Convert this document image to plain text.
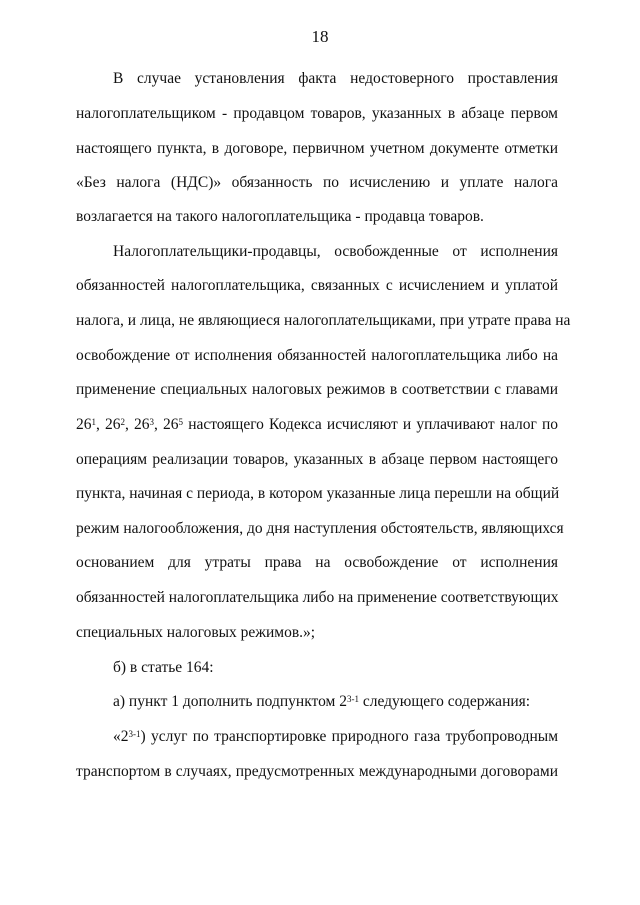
18
В случае установления факта недостоверного проставления
налогоплательщиком - продавцом товаров, указанных в абзаце первом
настоящего пункта, в договоре, первичном учетном документе отметки
«Без налога (НДС)» обязанность по исчислению и уплате налога
возлагается на такого налогоплательщика - продавца товаров.
Налогоплательщики-продавцы, освобожденные от исполнения
обязанностей налогоплательщика, связанных с исчислением и уплатой
налога, и лица, не являющиеся налогоплательщиками, при утрате права на
освобождение от исполнения обязанностей налогоплательщика либо на
применение специальных налоговых режимов в соответствии с главами
$26^1$, $26^2$, $26^3$, $26^5$ настоящего Кодекса исчисляют и уплачивают налог по
операциям реализации товаров, указанных в абзаце первом настоящего
пункта, начиная с периода, в котором указанные лица перешли на общий
режим налогообложения, до дня наступления обстоятельств, являющихся
основанием для утраты права на освобождение от исполнения
обязанностей налогоплательщика либо на применение соответствующих
специальных налоговых режимов.»;
б) в статье 164:
а) пункт 1 дополнить подпунктом 2$^{3-1}$ следующего содержания:
«2$^{3-1}$) услуг по транспортировке природного газа трубопроводным
транспортом в случаях, предусмотренных международными договорами
